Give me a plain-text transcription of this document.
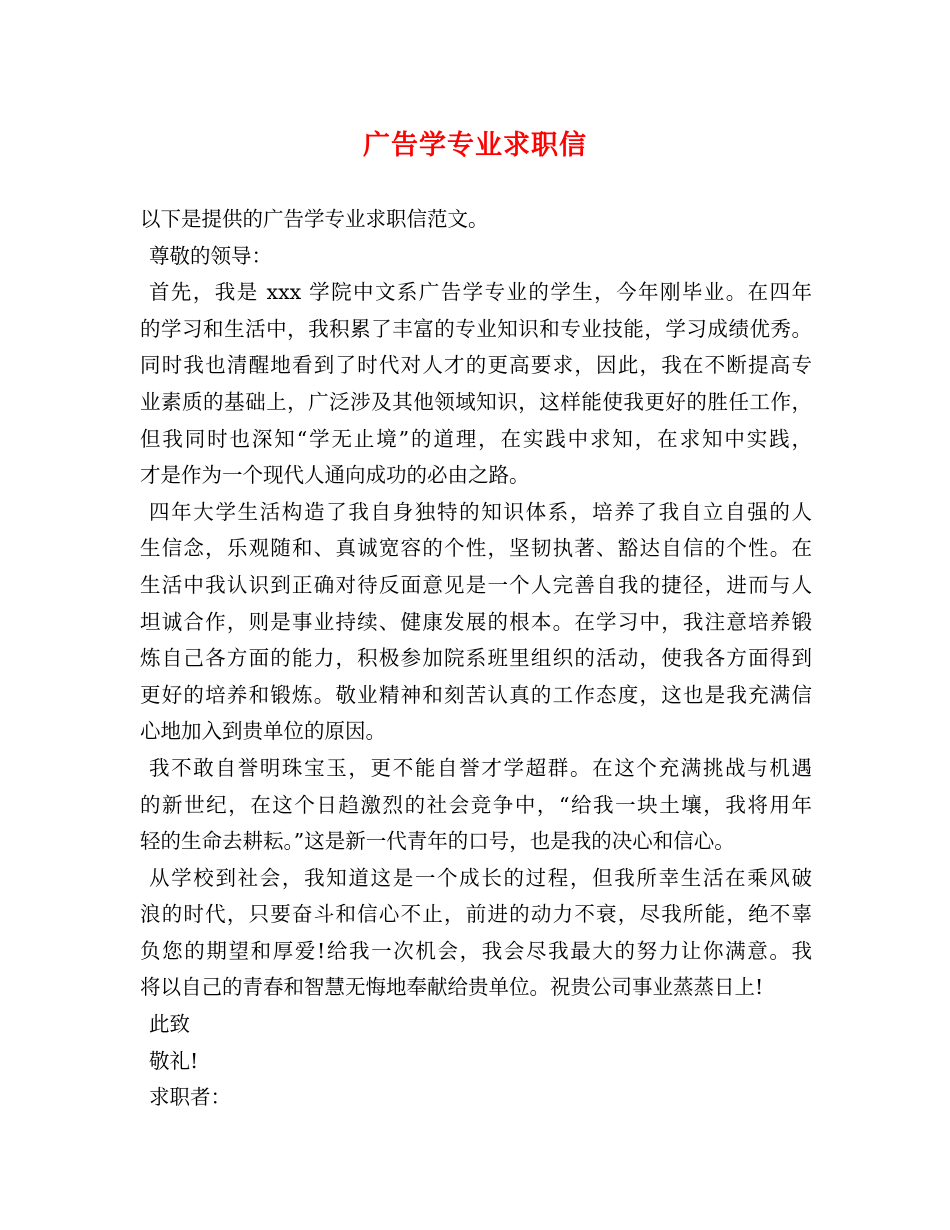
广告学专业求职信
以下是提供的广告学专业求职信范文。
尊敬的领导：
首先，我是 xxx 学院中文系广告学专业的学生，今年刚毕业。在四年
的学习和生活中，我积累了丰富的专业知识和专业技能，学习成绩优秀。
同时我也清醒地看到了时代对人才的更高要求，因此，我在不断提高专
业素质的基础上，广泛涉及其他领域知识，这样能使我更好的胜任工作，
但我同时也深知“学无止境”的道理，在实践中求知，在求知中实践，
才是作为一个现代人通向成功的必由之路。
四年大学生活构造了我自身独特的知识体系，培养了我自立自强的人
生信念，乐观随和、真诚宽容的个性，坚韧执著、豁达自信的个性。在
生活中我认识到正确对待反面意见是一个人完善自我的捷径，进而与人
坦诚合作，则是事业持续、健康发展的根本。在学习中，我注意培养锻
炼自己各方面的能力，积极参加院系班里组织的活动，使我各方面得到
更好的培养和锻炼。敬业精神和刻苦认真的工作态度，这也是我充满信
心地加入到贵单位的原因。
我不敢自誉明珠宝玉，更不能自誉才学超群。在这个充满挑战与机遇
的新世纪，在这个日趋激烈的社会竞争中，“给我一块土壤，我将用年
轻的生命去耕耘。”这是新一代青年的口号，也是我的决心和信心。
从学校到社会，我知道这是一个成长的过程，但我所幸生活在乘风破
浪的时代，只要奋斗和信心不止，前进的动力不衰，尽我所能，绝不辜
负您的期望和厚爱!给我一次机会，我会尽我最大的努力让你满意。我
将以自己的青春和智慧无悔地奉献给贵单位。祝贵公司事业蒸蒸日上!
此致
敬礼!
求职者：
